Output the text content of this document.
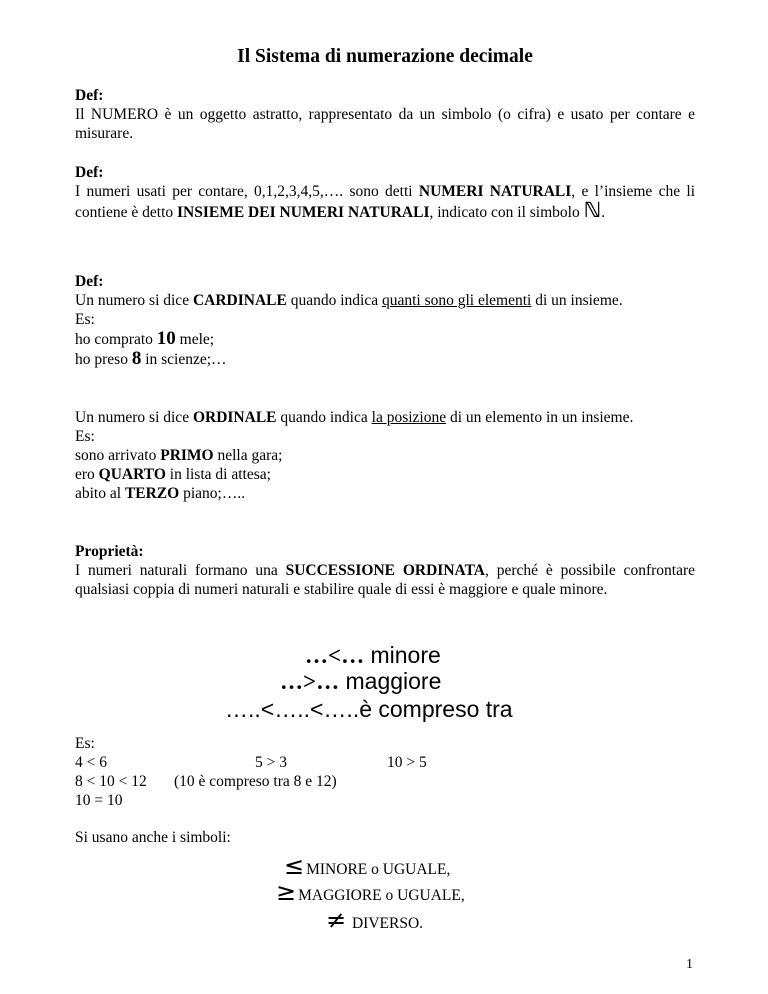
Il Sistema di numerazione decimale
Def:
Il NUMERO è un oggetto astratto, rappresentato da un simbolo (o cifra) e usato per contare e misurare.
Def:
I numeri usati per contare, 0,1,2,3,4,5,…. sono detti NUMERI NATURALI, e l’insieme che li contiene è detto INSIEME DEI NUMERI NATURALI, indicato con il simbolo ℕ.
Def:
Un numero si dice CARDINALE quando indica quanti sono gli elementi di un insieme.
Es:
ho comprato 10 mele;
ho preso 8 in scienze;…
Un numero si dice ORDINALE quando indica la posizione di un elemento in un insieme.
Es:
sono arrivato PRIMO nella gara;
ero QUARTO in lista di attesa;
abito al TERZO piano;…..
Proprietà:
I numeri naturali formano una SUCCESSIONE ORDINATA, perché è possibile confrontare qualsiasi coppia di numeri naturali e stabilire quale di essi è maggiore e quale minore.
…<… minore
…>… maggiore
…..<…..<…..è compreso tra
Es:
4 < 6
8 < 10 < 12
10 = 10
5 > 3
(10 è compreso tra 8 e 12)
10 > 5
Si usano anche i simboli:
≤ MINORE o UGUALE,
≥ MAGGIORE o UGUALE,
≠ DIVERSO.
1
